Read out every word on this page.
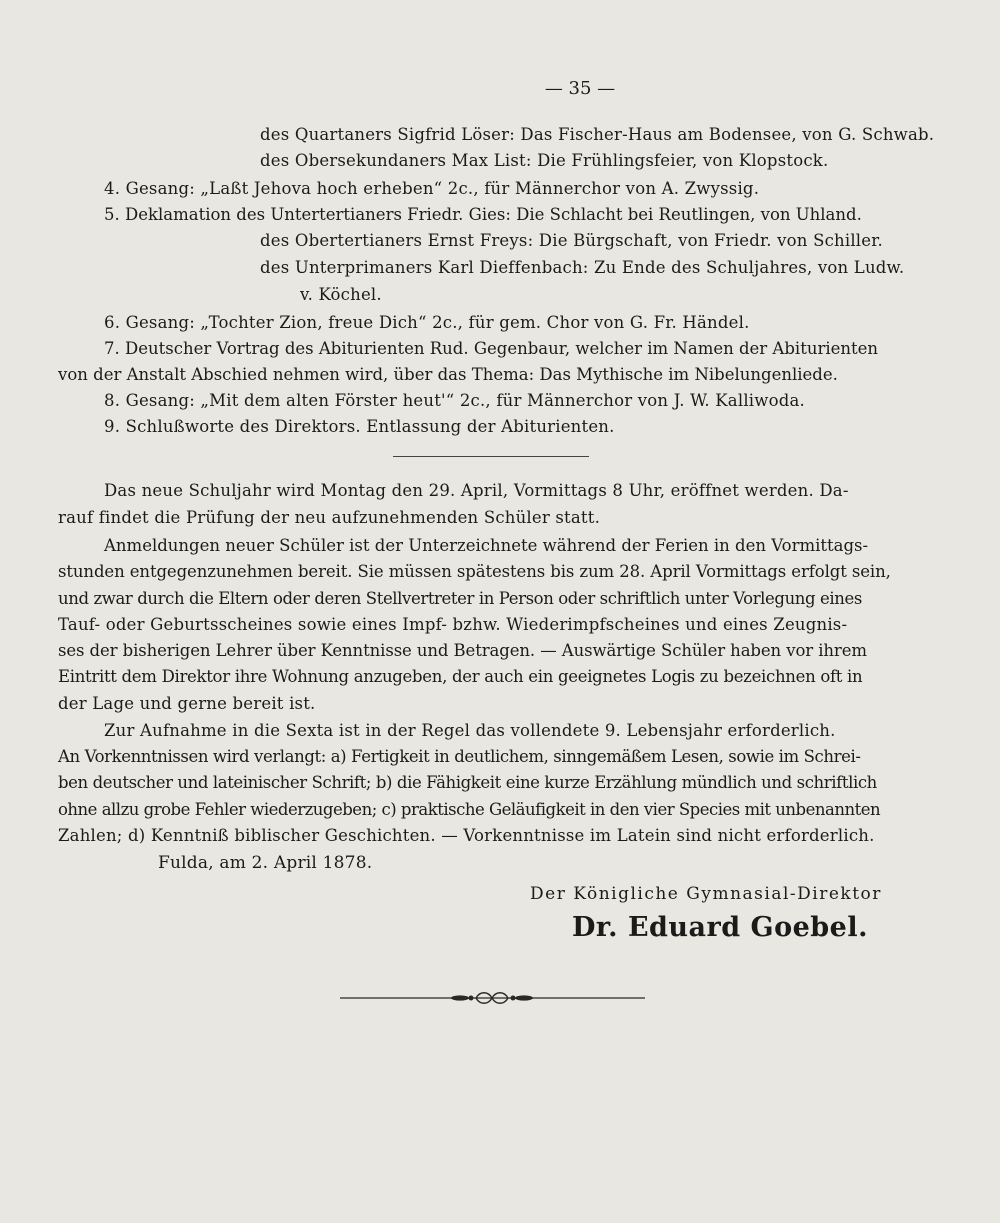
— 35 —
des Quartaners Sigfrid Löser: Das Fischer-Haus am Bodensee, von G. Schwab.
des Obersekundaners Max List: Die Frühlingsfeier, von Klopstock.
4. Gesang: „Laßt Jehova hoch erheben“ 2c., für Männerchor von A. Zwyssig.
5. Deklamation des Untertertianers Friedr. Gies: Die Schlacht bei Reutlingen, von Uhland.
des Obertertianers Ernst Freys: Die Bürgschaft, von Friedr. von Schiller.
des Unterprimaners Karl Dieffenbach: Zu Ende des Schuljahres, von Ludw.
v. Köchel.
6. Gesang: „Tochter Zion, freue Dich“ 2c., für gem. Chor von G. Fr. Händel.
7. Deutscher Vortrag des Abiturienten Rud. Gegenbaur, welcher im Namen der Abiturienten
von der Anstalt Abschied nehmen wird, über das Thema: Das Mythische im Nibelungenliede.
8. Gesang: „Mit dem alten Förster heut'“ 2c., für Männerchor von J. W. Kalliwoda.
9. Schlußworte des Direktors. Entlassung der Abiturienten.
Das neue Schuljahr wird Montag den 29. April, Vormittags 8 Uhr, eröffnet werden. Da-
rauf findet die Prüfung der neu aufzunehmenden Schüler statt.
Anmeldungen neuer Schüler ist der Unterzeichnete während der Ferien in den Vormittags-
stunden entgegenzunehmen bereit. Sie müssen spätestens bis zum 28. April Vormittags erfolgt sein,
und zwar durch die Eltern oder deren Stellvertreter in Person oder schriftlich unter Vorlegung eines
Tauf- oder Geburtsscheines sowie eines Impf- bzhw. Wiederimpfscheines und eines Zeugnis-
ses der bisherigen Lehrer über Kenntnisse und Betragen. — Auswärtige Schüler haben vor ihrem
Eintritt dem Direktor ihre Wohnung anzugeben, der auch ein geeignetes Logis zu bezeichnen oft in
der Lage und gerne bereit ist.
Zur Aufnahme in die Sexta ist in der Regel das vollendete 9. Lebensjahr erforderlich.
An Vorkenntnissen wird verlangt: a) Fertigkeit in deutlichem, sinngemäßem Lesen, sowie im Schrei-
ben deutscher und lateinischer Schrift; b) die Fähigkeit eine kurze Erzählung mündlich und schriftlich
ohne allzu grobe Fehler wiederzugeben; c) praktische Geläufigkeit in den vier Species mit unbenannten
Zahlen; d) Kenntniß biblischer Geschichten. — Vorkenntnisse im Latein sind nicht erforderlich.
Fulda, am 2. April 1878.
Der Königliche Gymnasial-Direktor
Dr. Eduard Goebel.
